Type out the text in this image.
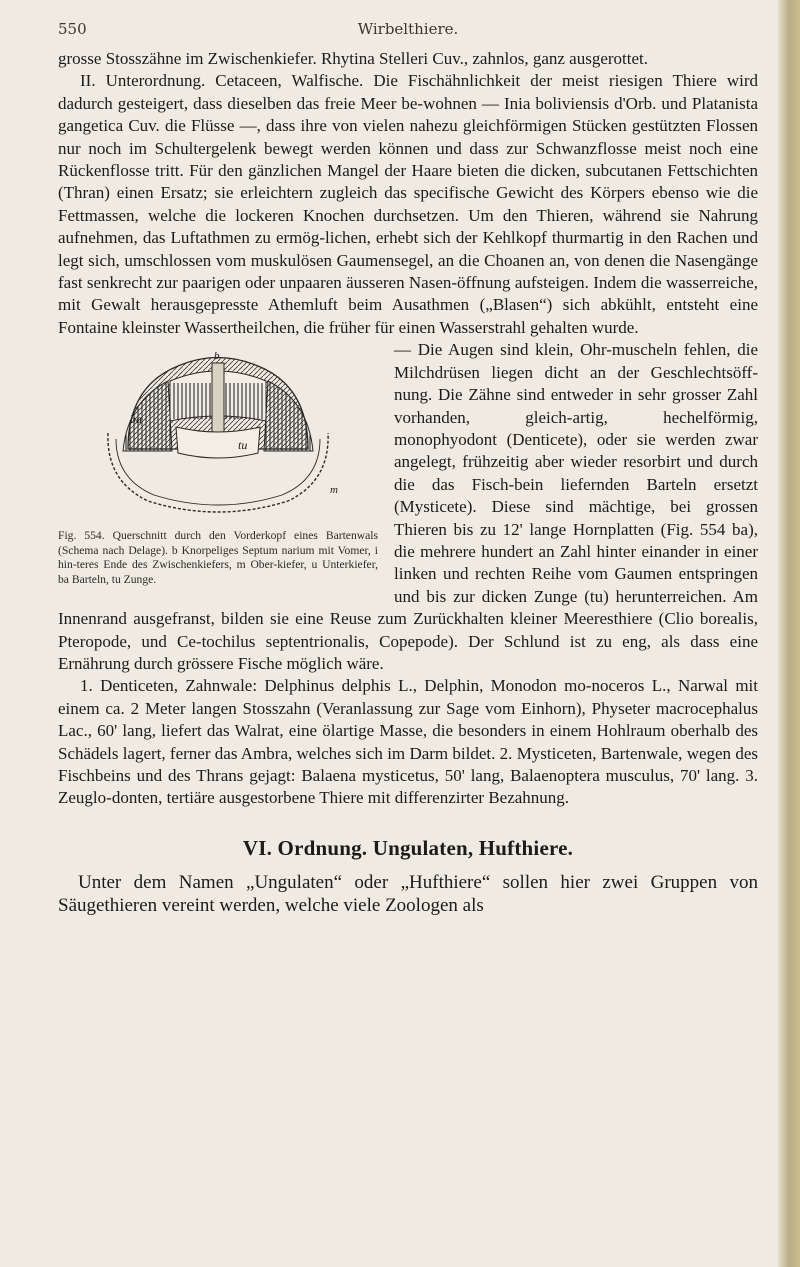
550	Wirbelthiere.

grosse Stosszähne im Zwischenkiefer. Rhytina Stelleri Cuv., zahnlos, ganz ausgerottet.

II. Unterordnung. Cetaceen, Walfische. Die Fischähnlichkeit der meist riesigen Thiere wird dadurch gesteigert, dass dieselben das freie Meer be-wohnen — Inia boliviensis d'Orb. und Platanista gangetica Cuv. die Flüsse —, dass ihre von vielen nahezu gleichförmigen Stücken gestützten Flossen nur noch im Schultergelenk bewegt werden können und dass zur Schwanzflosse meist noch eine Rückenflosse tritt. Für den gänzlichen Mangel der Haare bieten die dicken, subcutanen Fettschichten (Thran) einen Ersatz; sie erleichtern zugleich das specifische Gewicht des Körpers ebenso wie die Fettmassen, welche die lockeren Knochen durchsetzen. Um den Thieren, während sie Nahrung aufnehmen, das Luftathmen zu ermög-lichen, erhebt sich der Kehlkopf thurmartig in den Rachen und legt sich, umschlossen vom muskulösen Gaumensegel, an die Choanen an, von denen die Nasengänge fast senkrecht zur paarigen oder unpaaren äusseren Nasen-öffnung aufsteigen. Indem die wasserreiche, mit Gewalt herausgepresste Athemluft beim Ausathmen („Blasen“) sich abkühlt, entsteht eine Fontaine kleinster Wassertheilchen, die früher für einen Wasserstrahl gehalten wurde.

ba
tu
b
m

Fig. 554. Querschnitt durch den Vorderkopf eines Bartenwals (Schema nach Delage). b Knorpeliges Septum narium mit Vomer, i hin-teres Ende des Zwischenkiefers, m Ober-kiefer, u Unterkiefer, ba Barteln, tu Zunge.

— Die Augen sind klein, Ohr-muscheln fehlen, die Milchdrüsen liegen dicht an der Geschlechtsöff-nung. Die Zähne sind entweder in sehr grosser Zahl vorhanden, gleich-artig, hechelförmig, monophyodont (Denticete), oder sie werden zwar angelegt, frühzeitig aber wieder resorbirt und durch die das Fisch-bein liefernden Barteln ersetzt (Mysticete). Diese sind mächtige, bei grossen Thieren bis zu 12' lange Hornplatten (Fig. 554 ba), die mehrere hundert an Zahl hinter einander in einer linken und rechten Reihe vom Gaumen entspringen und bis zur dicken Zunge (tu) herunterreichen. Am Innenrand ausgefranst, bilden sie eine Reuse zum Zurückhalten kleiner Meeresthiere (Clio borealis, Pteropode, und Ce-tochilus septentrionalis, Copepode). Der Schlund ist zu eng, als dass eine Ernährung durch grössere Fische möglich wäre.

1. Denticeten, Zahnwale: Delphinus delphis L., Delphin, Monodon mo-noceros L., Narwal mit einem ca. 2 Meter langen Stosszahn (Veranlassung zur Sage vom Einhorn), Physeter macrocephalus Lac., 60' lang, liefert das Walrat, eine ölartige Masse, die besonders in einem Hohlraum oberhalb des Schädels lagert, ferner das Ambra, welches sich im Darm bildet. 2. Mysticeten, Bartenwale, wegen des Fischbeins und des Thrans gejagt: Balaena mysticetus, 50' lang, Balaenoptera musculus, 70' lang. 3. Zeuglo-donten, tertiäre ausgestorbene Thiere mit differenzirter Bezahnung.

VI. Ordnung. Ungulaten, Hufthiere.

Unter dem Namen „Ungulaten“ oder „Hufthiere“ sollen hier zwei Gruppen von Säugethieren vereint werden, welche viele Zoologen als
